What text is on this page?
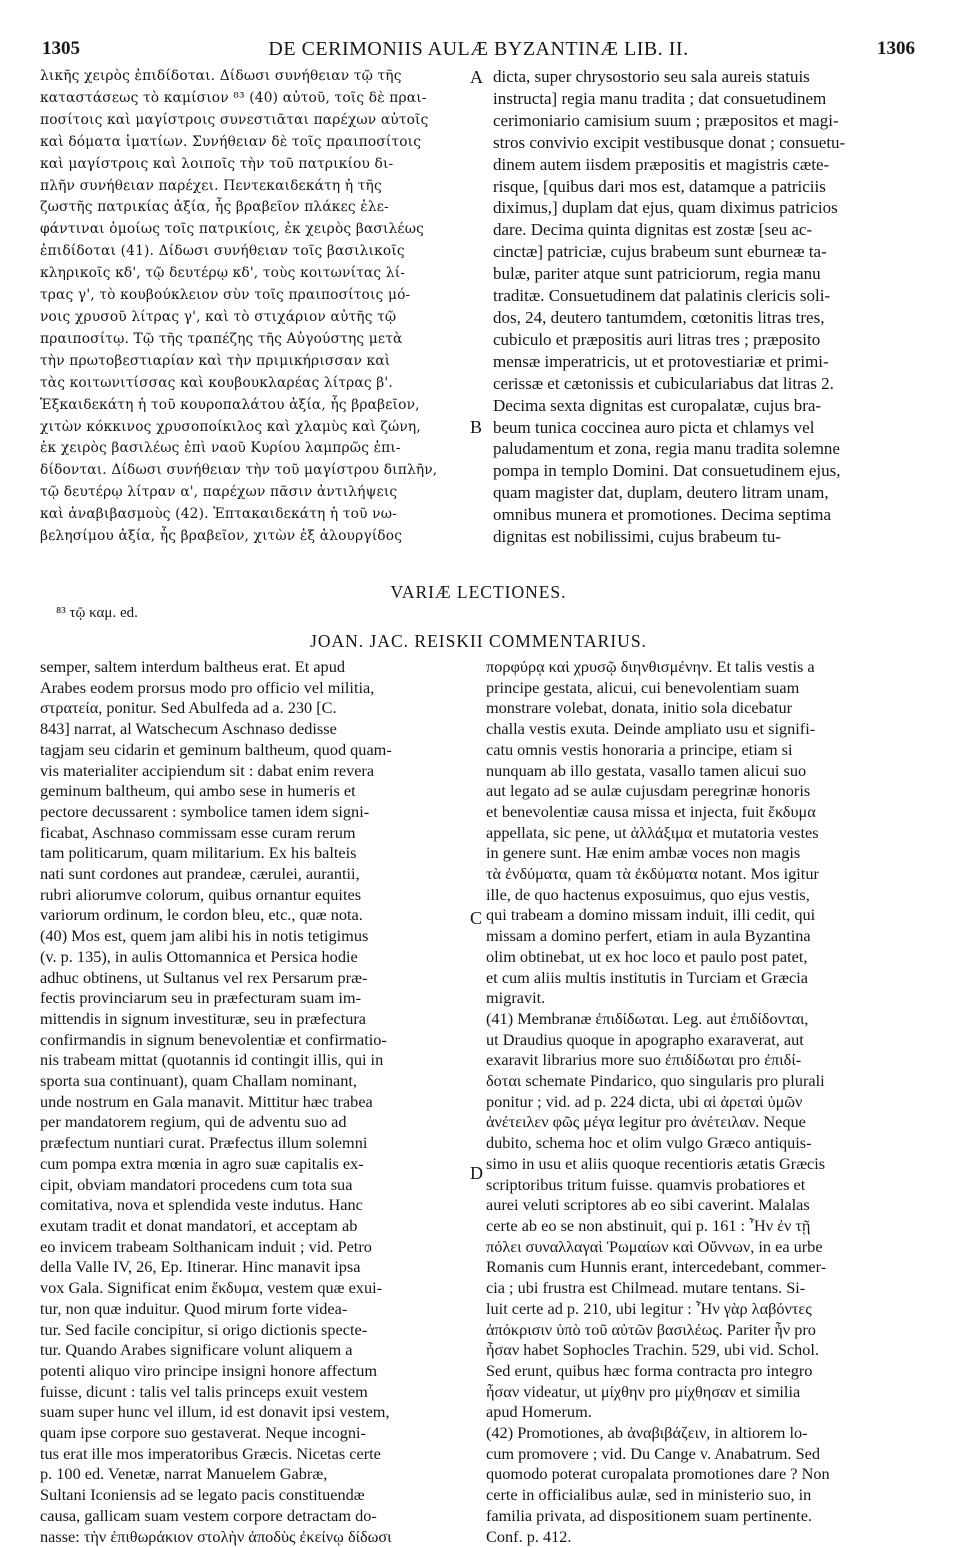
1305	DE CERIMONIIS AULÆ BYZANTINÆ LIB. II.	1306
λικῆς χειρὸς ἐπιδίδοται. Δίδωσι συνήθειαν τῷ τῆς
καταστάσεως τὸ καμίσιον ⁸³ (40) αὐτοῦ, τοῖς δὲ πραι-
ποσίτοις καὶ μαγίστροις συνεστιᾶται παρέχων αὐτοῖς
καὶ δόματα ἱματίων. Συνήθειαν δὲ τοῖς πραιποσίτοις
καὶ μαγίστροις καὶ λοιποῖς τὴν τοῦ πατρικίου δι-
πλῆν συνήθειαν παρέχει. Πεντεκαιδεκάτη ἡ τῆς
ζωστῆς πατρικίας ἀξία, ἧς βραβεῖον πλάκες ἐλε-
φάντιναι ὁμοίως τοῖς πατρικίοις, ἐκ χειρὸς βασιλέως
ἐπιδίδοται (41). Δίδωσι συνήθειαν τοῖς βασιλικοῖς
κληρικοῖς κδ', τῷ δευτέρῳ κδ', τοὺς κοιτωνίτας λί-
τρας γ', τὸ κουβούκλειον σὺν τοῖς πραιποσίτοις μό-
νοις χρυσοῦ λίτρας γ', καὶ τὸ στιχάριον αὐτῆς τῷ
πραιποσίτῳ. Τῷ τῆς τραπέζης τῆς Αὐγούστης μετὰ
τὴν πρωτοβεστιαρίαν καὶ τὴν πριμικήρισσαν καὶ
τὰς κοιτωνιτίσσας καὶ κουβουκλαρέας λίτρας β'.
Ἑξκαιδεκάτη ἡ τοῦ κουροπαλάτου ἀξία, ἧς βραβεῖον,
χιτὼν κόκκινος χρυσοποίκιλος καὶ χλαμὺς καὶ ζώνη,
ἐκ χειρὸς βασιλέως ἐπὶ ναοῦ Κυρίου λαμπρῶς ἐπι-
δίδονται. Δίδωσι συνήθειαν τὴν τοῦ μαγίστρου διπλῆν,
τῷ δευτέρῳ λίτραν α', παρέχων πᾶσιν ἀντιλήψεις
καὶ ἀναβιβασμοὺς (42). Ἑπτακαιδεκάτη ἡ τοῦ νω-
βελησίμου ἀξία, ἧς βραβεῖον, χιτὼν ἐξ ἁλουργίδος
dicta, super chrysostorio seu sala aureis statuis
instructa] regia manu tradita ; dat consuetudinem
cerimoniario camisium suum ; præpositos et magi-
stros convivio excipit vestibusque donat ; consuetu-
dinem autem iisdem præpositis et magistris cæte-
risque, [quibus dari mos est, datamque a patriciis
diximus,] duplam dat ejus, quam diximus patricios
dare. Decima quinta dignitas est zostæ [seu ac-
cinctæ] patriciæ, cujus brabeum sunt eburneæ ta-
bulæ, pariter atque sunt patriciorum, regia manu
traditæ. Consuetudinem dat palatinis clericis soli-
dos, 24, deutero tantumdem, cœtonitis litras tres,
cubiculo et præpositis auri litras tres ; præposito
mensæ imperatricis, ut et protovestiariæ et primi-
cerissæ et cætonissis et cubiculariabus dat litras 2.
Decima sexta dignitas est curopalatæ, cujus bra-
beum tunica coccinea auro picta et chlamys vel
paludamentum et zona, regia manu tradita solemne
pompa in templo Domini. Dat consuetudinem ejus,
quam magister dat, duplam, deutero litram unam,
omnibus munera et promotiones. Decima septima
dignitas est nobilissimi, cujus brabeum tu-
A
B
C
D
VARIÆ LECTIONES.
⁸³ τῷ καμ. ed.
JOAN. JAC. REISKII COMMENTARIUS.
semper, saltem interdum baltheus erat. Et apud
Arabes eodem prorsus modo pro officio vel militia,
στρατεία, ponitur. Sed Abulfeda ad a. 230 [C.
843] narrat, al Watschecum Aschnaso dedisse
tagjam seu cidarin et geminum baltheum, quod quam-
vis materialiter accipiendum sit : dabat enim revera
geminum baltheum, qui ambo sese in humeris et
pectore decussarent : symbolice tamen idem signi-
ficabat, Aschnaso commissam esse curam rerum
tam politicarum, quam militarium. Ex his balteis
nati sunt cordones aut prandeæ, cærulei, aurantii,
rubri aliorumve colorum, quibus ornantur equites
variorum ordinum, le cordon bleu, etc., quæ nota.
(40) Mos est, quem jam alibi his in notis tetigimus
(v. p. 135), in aulis Ottomannica et Persica hodie
adhuc obtinens, ut Sultanus vel rex Persarum præ-
fectis provinciarum seu in præfecturam suam im-
mittendis in signum investituræ, seu in præfectura
confirmandis in signum benevolentiæ et confirmatio-
nis trabeam mittat (quotannis id contingit illis, qui in
sporta sua continuant), quam Challam nominant,
unde nostrum en Gala manavit. Mittitur hæc trabea
per mandatorem regium, qui de adventu suo ad
præfectum nuntiari curat. Præfectus illum solemni
cum pompa extra mœnia in agro suæ capitalis ex-
cipit, obviam mandatori procedens cum tota sua
comitativa, nova et splendida veste indutus. Hanc
exutam tradit et donat mandatori, et acceptam ab
eo invicem trabeam Solthanicam induit ; vid. Petro
della Valle IV, 26, Ep. Itinerar. Hinc manavit ipsa
vox Gala. Significat enim ἔκδυμα, vestem quæ exui-
tur, non quæ induitur. Quod mirum forte videa-
tur. Sed facile concipitur, si origo dictionis specte-
tur. Quando Arabes significare volunt aliquem a
potenti aliquo viro principe insigni honore affectum
fuisse, dicunt : talis vel talis princeps exuit vestem
suam super hunc vel illum, id est donavit ipsi vestem,
quam ipse corpore suo gestaverat. Neque incogni-
tus erat ille mos imperatoribus Græcis. Nicetas certe
p. 100 ed. Venetæ, narrat Manuelem Gabræ,
Sultani Iconiensis ad se legato pacis constituendæ
causa, gallicam suam vestem corpore detractam do-
nasse: τὴν ἐπιθωράκιον στολὴν ἀποδὺς ἐκείνῳ δίδωσι
πορφύρᾳ καὶ χρυσῷ διηνθισμένην. Et talis vestis a
principe gestata, alicui, cui benevolentiam suam
monstrare volebat, donata, initio sola dicebatur
challa vestis exuta. Deinde ampliato usu et signifi-
catu omnis vestis honoraria a principe, etiam si
nunquam ab illo gestata, vasallo tamen alicui suo
aut legato ad se aulæ cujusdam peregrinæ honoris
et benevolentiæ causa missa et injecta, fuit ἔκδυμα
appellata, sic pene, ut ἀλλάξιμα et mutatoria vestes
in genere sunt. Hæ enim ambæ voces non magis
τὰ ἐνδύματα, quam τὰ ἐκδύματα notant. Mos igitur
ille, de quo hactenus exposuimus, quo ejus vestis,
qui trabeam a domino missam induit, illi cedit, qui
missam a domino perfert, etiam in aula Byzantina
olim obtinebat, ut ex hoc loco et paulo post patet,
et cum aliis multis institutis in Turciam et Græcia
migravit.
(41) Membranæ ἐπιδίδωται. Leg. aut ἐπιδίδονται,
ut Draudius quoque in apographo exaraverat, aut
exaravit librarius more suo ἐπιδίδωται pro ἐπιδί-
δοται schemate Pindarico, quo singularis pro plurali
ponitur ; vid. ad p. 224 dicta, ubi αἱ ἀρεταὶ ὑμῶν
ἀνέτειλεν φῶς μέγα legitur pro ἀνέτειλαν. Neque
dubito, schema hoc et olim vulgo Græco antiquis-
simo in usu et aliis quoque recentioris ætatis Græcis
scriptoribus tritum fuisse. quamvis probatiores et
aurei veluti scriptores ab eo sibi caverint. Malalas
certe ab eo se non abstinuit, qui p. 161 : Ἦν ἐν τῇ
πόλει συναλλαγαὶ Ῥωμαίων καὶ Οὔννων, in ea urbe
Romanis cum Hunnis erant, intercedebant, commer-
cia ; ubi frustra est Chilmead. mutare tentans. Si-
luit certe ad p. 210, ubi legitur : Ἦν γὰρ λαβόντες
ἀπόκρισιν ὑπὸ τοῦ αὐτῶν βασιλέως. Pariter ἦν pro
ἦσαν habet Sophocles Trachin. 529, ubi vid. Schol.
Sed erunt, quibus hæc forma contracta pro integro
ἦσαν videatur, ut μίχθην pro μίχθησαν et similia
apud Homerum.
(42) Promotiones, ab ἀναβιβάζειν, in altiorem lo-
cum promovere ; vid. Du Cange v. Anabatrum. Sed
quomodo poterat curopalata promotiones dare ? Non
certe in officialibus aulæ, sed in ministerio suo, in
familia privata, ad dispositionem suam pertinente.
Conf. p. 412.
